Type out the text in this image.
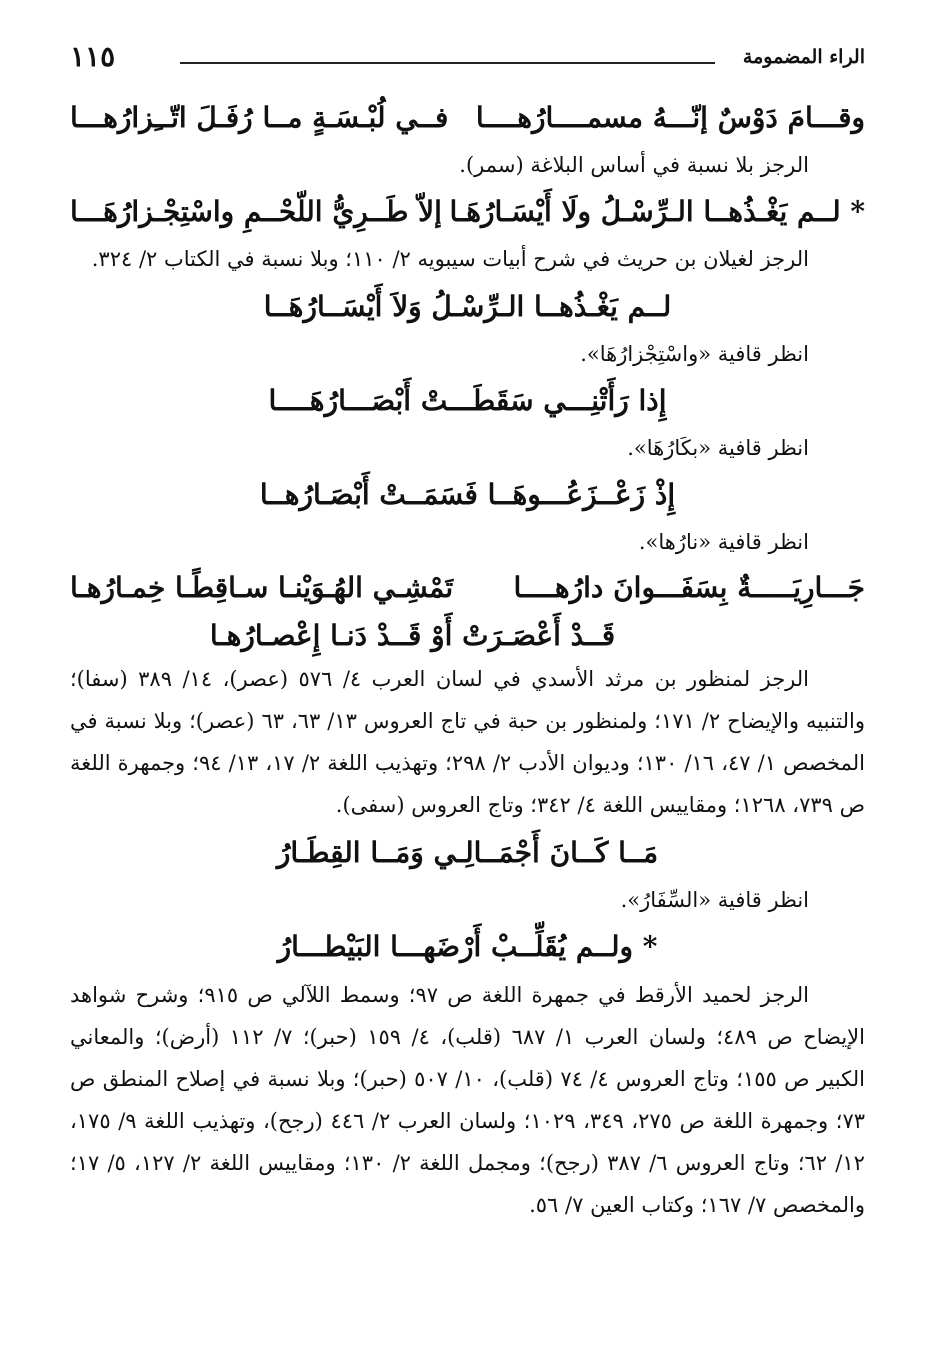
الراء المضمومة
١١٥
وقـــامَ دَوْسٌ إنّـــهُ مسمــــارُهــــا
فــي لُبْـسَـةٍ مــا رُفَـلَ اتّــِزارُهـــا

الرجز بلا نسبة في أساس البلاغة (سمر).

* لــم يَغْـذُهــا الـرِّسْـلُ ولَا أَيْسَـارُهَـا
إلاّ طَــرِيُّ اللّحْــمِ واسْتِجْـزارُهَـــا

الرجز لغيلان بن حريث في شرح أبيات سيبويه ٢/ ١١٠؛ وبلا نسبة في الكتاب ٢/ ٣٢٤.

لــم يَغْـذُهــا الـرِّسْـلُ وَلاَ أَيْسَــارُهَــا

انظر قافية «واسْتِجْزارُهَا».

إِذا رَأَتْنِـــي سَقَطَـــتْ أَبْصَـــارُهَــــا

انظر قافية «بكَارُهَا».

إِذْ زَعْــزَعُـــوهَــا فَسَمَــتْ أَبْصَـارُهــا

انظر قافية «نارُها».

جَـــارِيَـــــةٌ بِسَفَـــوانَ دارُهــــا
تَمْشِـي الهُـوَيْنـا سـاقِطًـا خِمـارُهـا
قَــدْ أَعْصَـرَتْ أَوْ قَــدْ دَنـا إِعْصـارُهـا

الرجز لمنظور بن مرثد الأسدي في لسان العرب ٤/ ٥٧٦ (عصر)، ١٤/ ٣٨٩ (سفا)؛ والتنبيه والإيضاح ٢/ ١٧١؛ ولمنظور بن حبة في تاج العروس ١٣/ ٦٣، ٦٣ (عصر)؛ وبلا نسبة في المخصص ١/ ٤٧، ١٦/ ١٣٠؛ وديوان الأدب ٢/ ٢٩٨؛ وتهذيب اللغة ٢/ ١٧، ١٣/ ٩٤؛ وجمهرة اللغة ص ٧٣٩، ١٢٦٨؛ ومقاييس اللغة ٤/ ٣٤٢؛ وتاج العروس (سفى).

مَــا كَــانَ أَجْمَــالِـي وَمَــا القِطَـارُ

انظر قافية «السِّفَارُ».

* ولــم يُقَلِّــبْ أَرْضَهـــا البَيْطـــارُ

الرجز لحميد الأرقط في جمهرة اللغة ص ٩٧؛ وسمط اللآلي ص ٩١٥؛ وشرح شواهد الإيضاح ص ٤٨٩؛ ولسان العرب ١/ ٦٨٧ (قلب)، ٤/ ١٥٩ (حبر)؛ ٧/ ١١٢ (أرض)؛ والمعاني الكبير ص ١٥٥؛ وتاج العروس ٤/ ٧٤ (قلب)، ١٠/ ٥٠٧ (حبر)؛ وبلا نسبة في إصلاح المنطق ص ٧٣؛ وجمهرة اللغة ص ٢٧٥، ٣٤٩، ١٠٢٩؛ ولسان العرب ٢/ ٤٤٦ (رجح)، وتهذيب اللغة ٩/ ١٧٥، ١٢/ ٦٢؛ وتاج العروس ٦/ ٣٨٧ (رجح)؛ ومجمل اللغة ٢/ ١٣٠؛ ومقاييس اللغة ٢/ ١٢٧، ٥/ ١٧؛ والمخصص ٧/ ١٦٧؛ وكتاب العين ٧/ ٥٦.
